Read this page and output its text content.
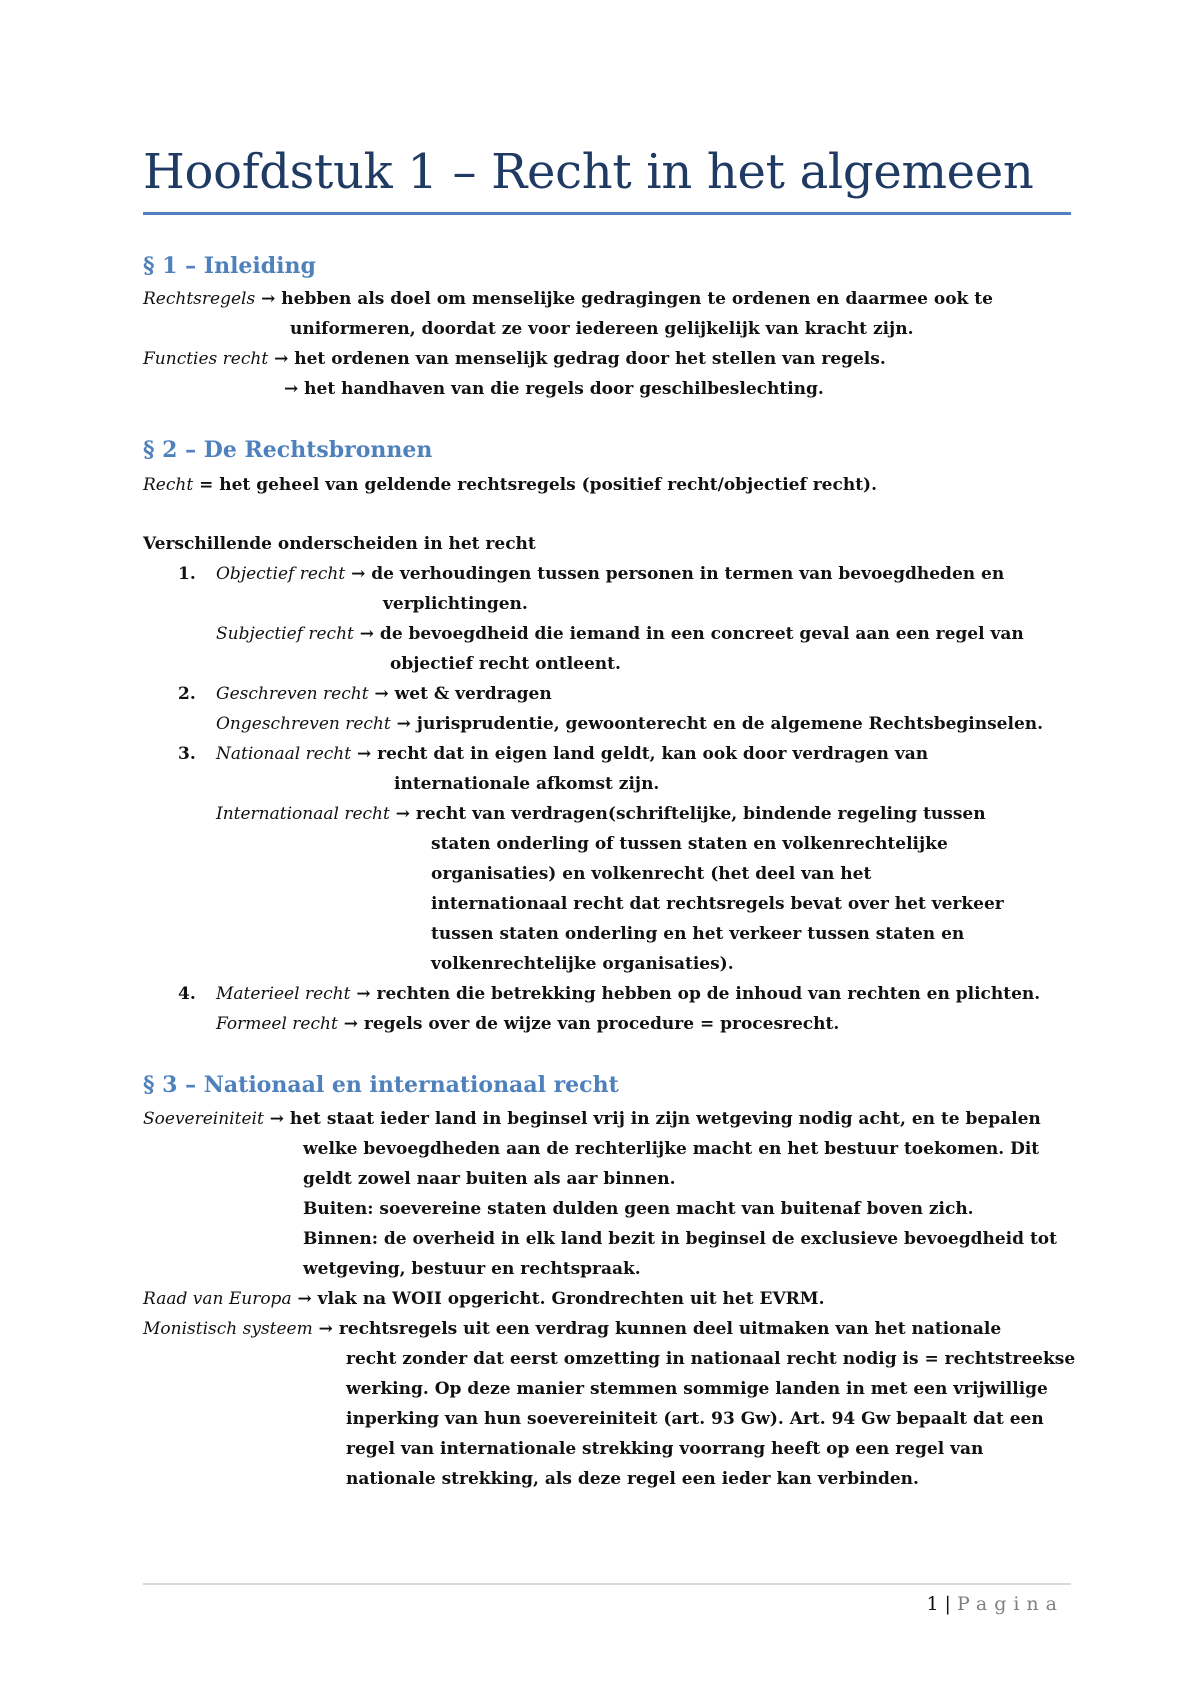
Hoofdstuk 1 – Recht in het algemeen
§ 1 – Inleiding
Rechtsregels → hebben als doel om menselijke gedragingen te ordenen en daarmee ook te
uniformeren, doordat ze voor iedereen gelijkelijk van kracht zijn.
Functies recht → het ordenen van menselijk gedrag door het stellen van regels.
→ het handhaven van die regels door geschilbeslechting.
§ 2 – De Rechtsbronnen
Recht = het geheel van geldende rechtsregels (positief recht/objectief recht).
Verschillende onderscheiden in het recht
1. Objectief recht → de verhoudingen tussen personen in termen van bevoegdheden en
verplichtingen.
Subjectief recht → de bevoegdheid die iemand in een concreet geval aan een regel van
objectief recht ontleent.
2. Geschreven recht → wet & verdragen
Ongeschreven recht → jurisprudentie, gewoonterecht en de algemene Rechtsbeginselen.
3. Nationaal recht → recht dat in eigen land geldt, kan ook door verdragen van
internationale afkomst zijn.
Internationaal recht → recht van verdragen(schriftelijke, bindende regeling tussen
staten onderling of tussen staten en volkenrechtelijke
organisaties) en volkenrecht (het deel van het
internationaal recht dat rechtsregels bevat over het verkeer
tussen staten onderling en het verkeer tussen staten en
volkenrechtelijke organisaties).
4. Materieel recht → rechten die betrekking hebben op de inhoud van rechten en plichten.
Formeel recht → regels over de wijze van procedure = procesrecht.
§ 3 – Nationaal en internationaal recht
Soevereiniteit → het staat ieder land in beginsel vrij in zijn wetgeving nodig acht, en te bepalen
welke bevoegdheden aan de rechterlijke macht en het bestuur toekomen. Dit
geldt zowel naar buiten als aar binnen.
Buiten: soevereine staten dulden geen macht van buitenaf boven zich.
Binnen: de overheid in elk land bezit in beginsel de exclusieve bevoegdheid tot
wetgeving, bestuur en rechtspraak.
Raad van Europa → vlak na WOII opgericht. Grondrechten uit het EVRM.
Monistisch systeem → rechtsregels uit een verdrag kunnen deel uitmaken van het nationale
recht zonder dat eerst omzetting in nationaal recht nodig is = rechtstreekse
werking. Op deze manier stemmen sommige landen in met een vrijwillige
inperking van hun soevereiniteit (art. 93 Gw). Art. 94 Gw bepaalt dat een
regel van internationale strekking voorrang heeft op een regel van
nationale strekking, als deze regel een ieder kan verbinden.
1 | Pagina
